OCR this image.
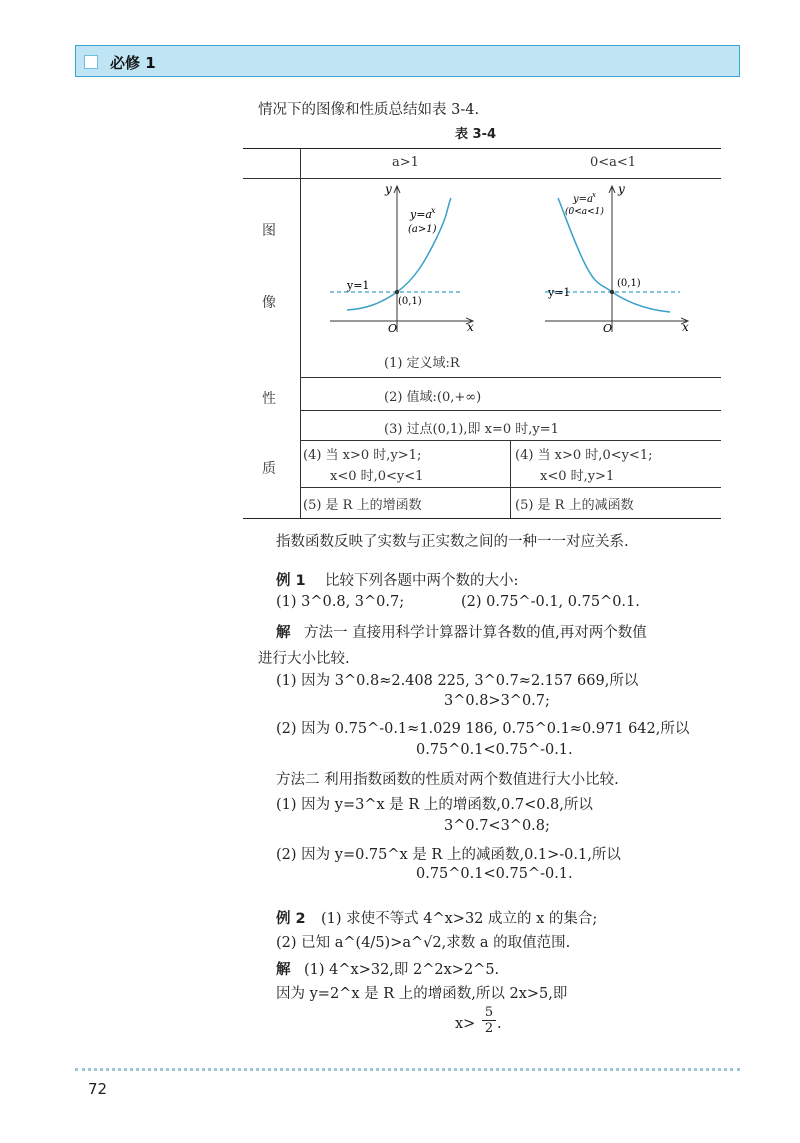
必修 1
情况下的图像和性质总结如表 3-4.
表 3-4
a>1	0<a<1
图
像
性
质
y
x
O
y=a x
(a>1)
y=1
(0,1)
y
x
O
y=a x
(0<a<1)
y=1
(0,1)
(1) 定义域:R
(2) 值域:(0,+∞)
(3) 过点(0,1),即 x=0 时,y=1
(4) 当 x>0 时,y>1;
x<0 时,0<y<1
(4) 当 x>0 时,0<y<1;
x<0 时,y>1
(5) 是 R 上的增函数	(5) 是 R 上的减函数
指数函数反映了实数与正实数之间的一种一一对应关系.
例 1 比较下列各题中两个数的大小:
(1) 3^0.8, 3^0.7;	(2) 0.75^-0.1, 0.75^0.1.
解 方法一 直接用科学计算器计算各数的值,再对两个数值
进行大小比较.
(1) 因为 3^0.8≈2.408 225, 3^0.7≈2.157 669,所以
3^0.8>3^0.7;
(2) 因为 0.75^-0.1≈1.029 186, 0.75^0.1≈0.971 642,所以
0.75^0.1<0.75^-0.1.
方法二 利用指数函数的性质对两个数值进行大小比较.
(1) 因为 y=3^x 是 R 上的增函数,0.7<0.8,所以
3^0.7<3^0.8;
(2) 因为 y=0.75^x 是 R 上的减函数,0.1>-0.1,所以
0.75^0.1<0.75^-0.1.
例 2 (1) 求使不等式 4^x>32 成立的 x 的集合;
(2) 已知 a^(4/5)>a^√2,求数 a 的取值范围.
解 (1) 4^x>32,即 2^2x>2^5.
因为 y=2^x 是 R 上的增函数,所以 2x>5,即
x>
5
2 .
72
